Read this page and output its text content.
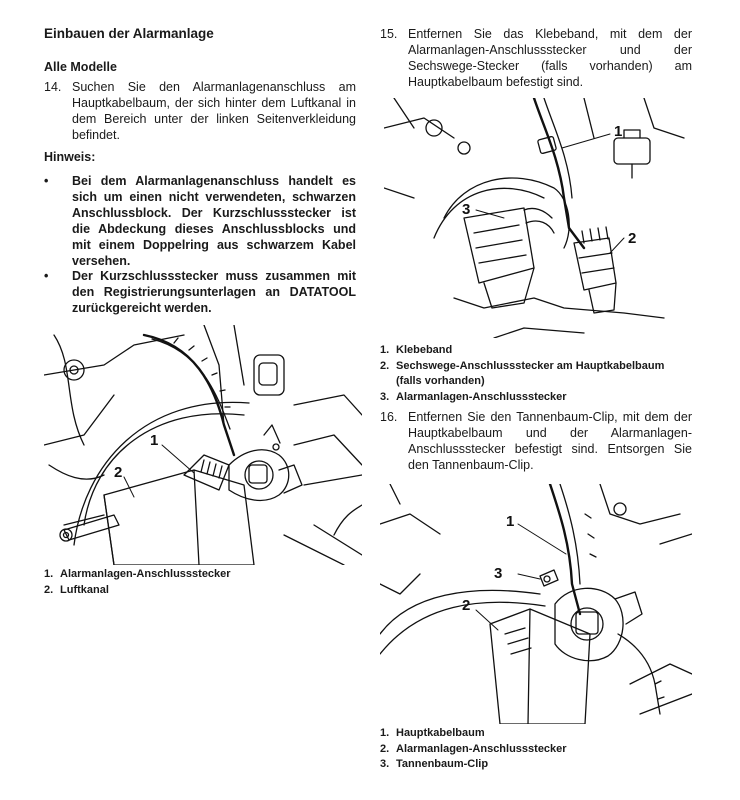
Einbauen der Alarmanlage
Alle Modelle
14. Suchen Sie den Alarmanlagenanschluss am Hauptkabelbaum, der sich hinter dem Luftkanal in dem Bereich unter der linken Seitenverkleidung befindet.
Hinweis:
• Bei dem Alarmanlagenanschluss handelt es sich um einen nicht verwendeten, schwarzen Anschlussblock. Der Kurzschlussstecker ist die Abdeckung dieses Anschlussblocks und mit einem Doppelring aus schwarzem Kabel versehen.
• Der Kurzschlussstecker muss zusammen mit den Registrierungsunterlagen an DATATOOL zurückgereicht werden.
1
2
1. Alarmanlagen-Anschlussstecker
2. Luftkanal
15. Entfernen Sie das Klebeband, mit dem der Alarmanlagen-Anschlussstecker und der Sechswege-Stecker (falls vorhanden) am Hauptkabelbaum befestigt sind.
1
2
3
1. Klebeband
2. Sechswege-Anschlussstecker am Hauptkabelbaum (falls vorhanden)
3. Alarmanlagen-Anschlussstecker
16. Entfernen Sie den Tannenbaum-Clip, mit dem der Hauptkabelbaum und der Alarmanlagen-Anschlussstecker befestigt sind. Entsorgen Sie den Tannenbaum-Clip.
1
3
2
1. Hauptkabelbaum
2. Alarmanlagen-Anschlussstecker
3. Tannenbaum-Clip
